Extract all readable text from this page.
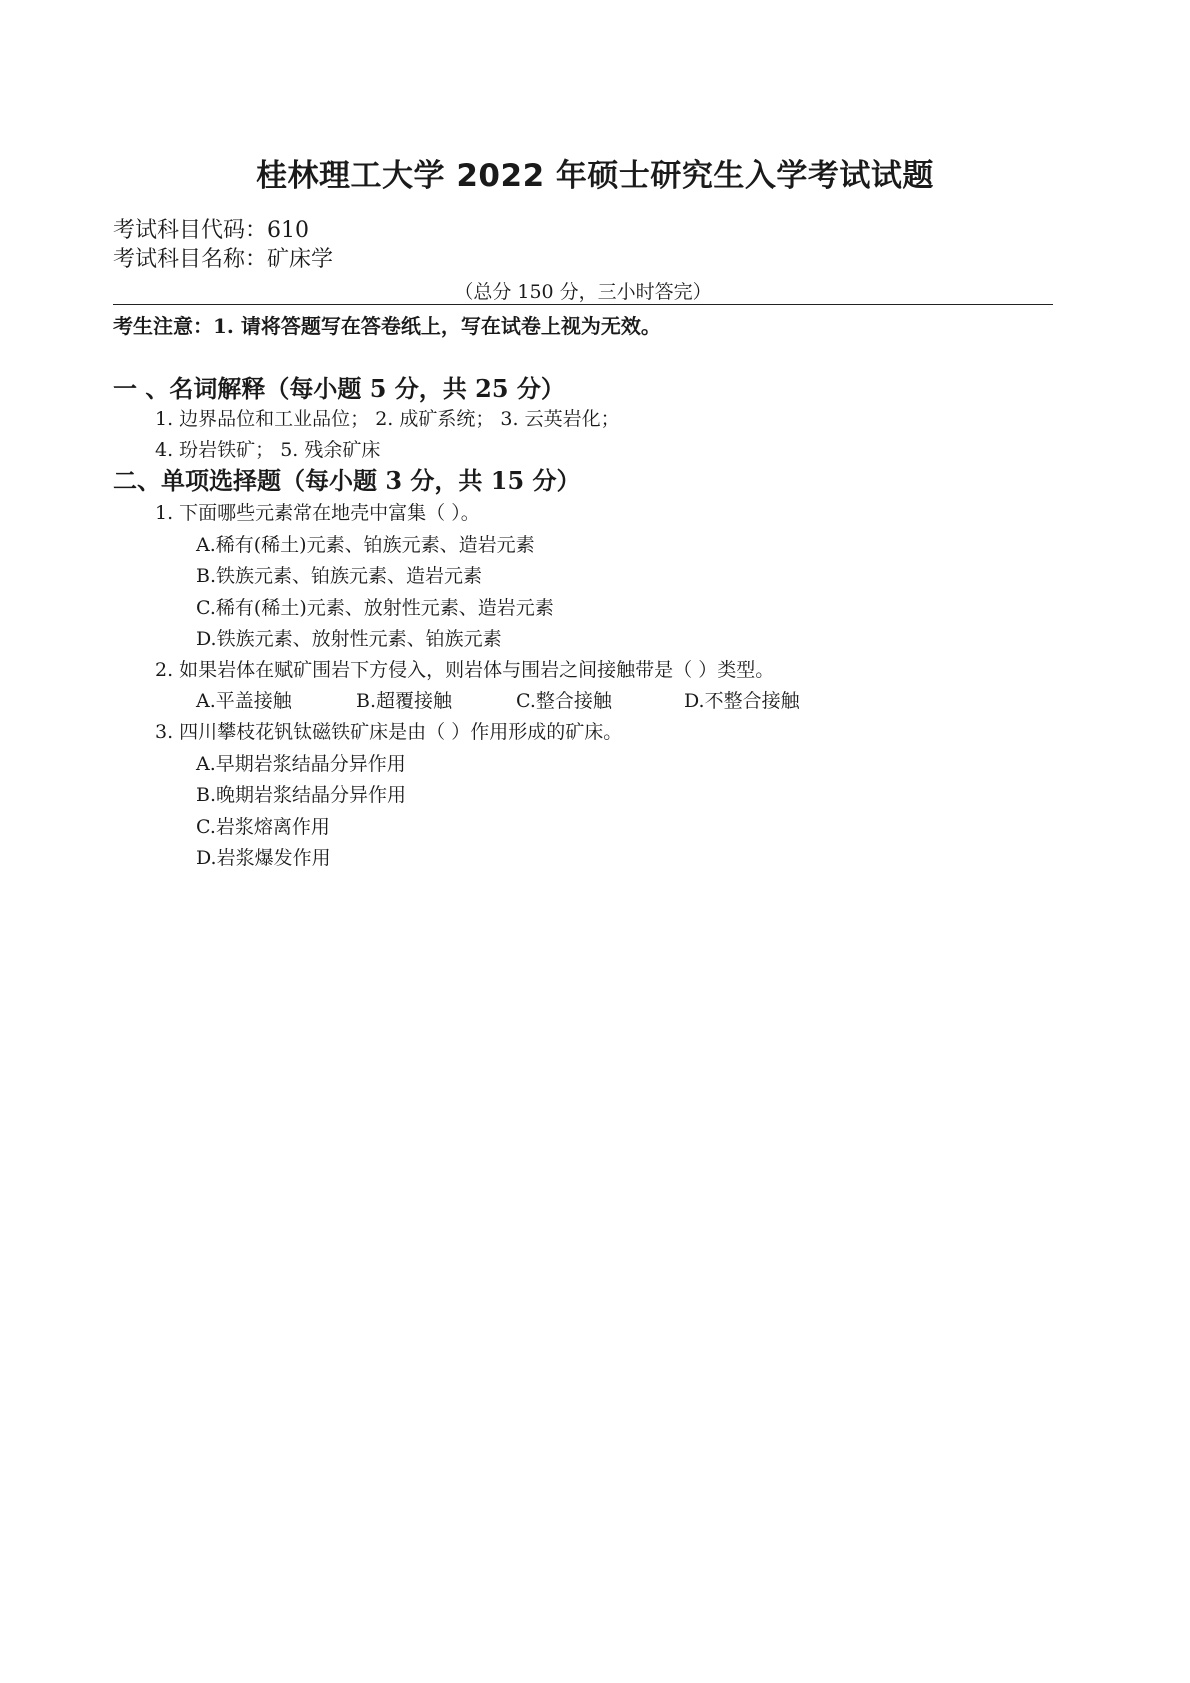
桂林理工大学 2022 年硕士研究生入学考试试题
考试科目代码：610
考试科目名称：矿床学
（总分 150 分，三小时答完）
考生注意：1. 请将答题写在答卷纸上，写在试卷上视为无效。
一 、名词解释（每小题 5 分，共 25 分）
1. 边界品位和工业品位； 2. 成矿系统； 3. 云英岩化；
4. 玢岩铁矿； 5. 残余矿床
二、单项选择题（每小题 3 分，共 15 分）
1. 下面哪些元素常在地壳中富集（ ）。
A.稀有(稀土)元素、铂族元素、造岩元素
B.铁族元素、铂族元素、造岩元素
C.稀有(稀土)元素、放射性元素、造岩元素
D.铁族元素、放射性元素、铂族元素
2. 如果岩体在赋矿围岩下方侵入，则岩体与围岩之间接触带是（ ）类型。
A.平盖接触	B.超覆接触	C.整合接触	D.不整合接触
3. 四川攀枝花钒钛磁铁矿床是由（ ）作用形成的矿床。
A.早期岩浆结晶分异作用
B.晚期岩浆结晶分异作用
C.岩浆熔离作用
D.岩浆爆发作用
